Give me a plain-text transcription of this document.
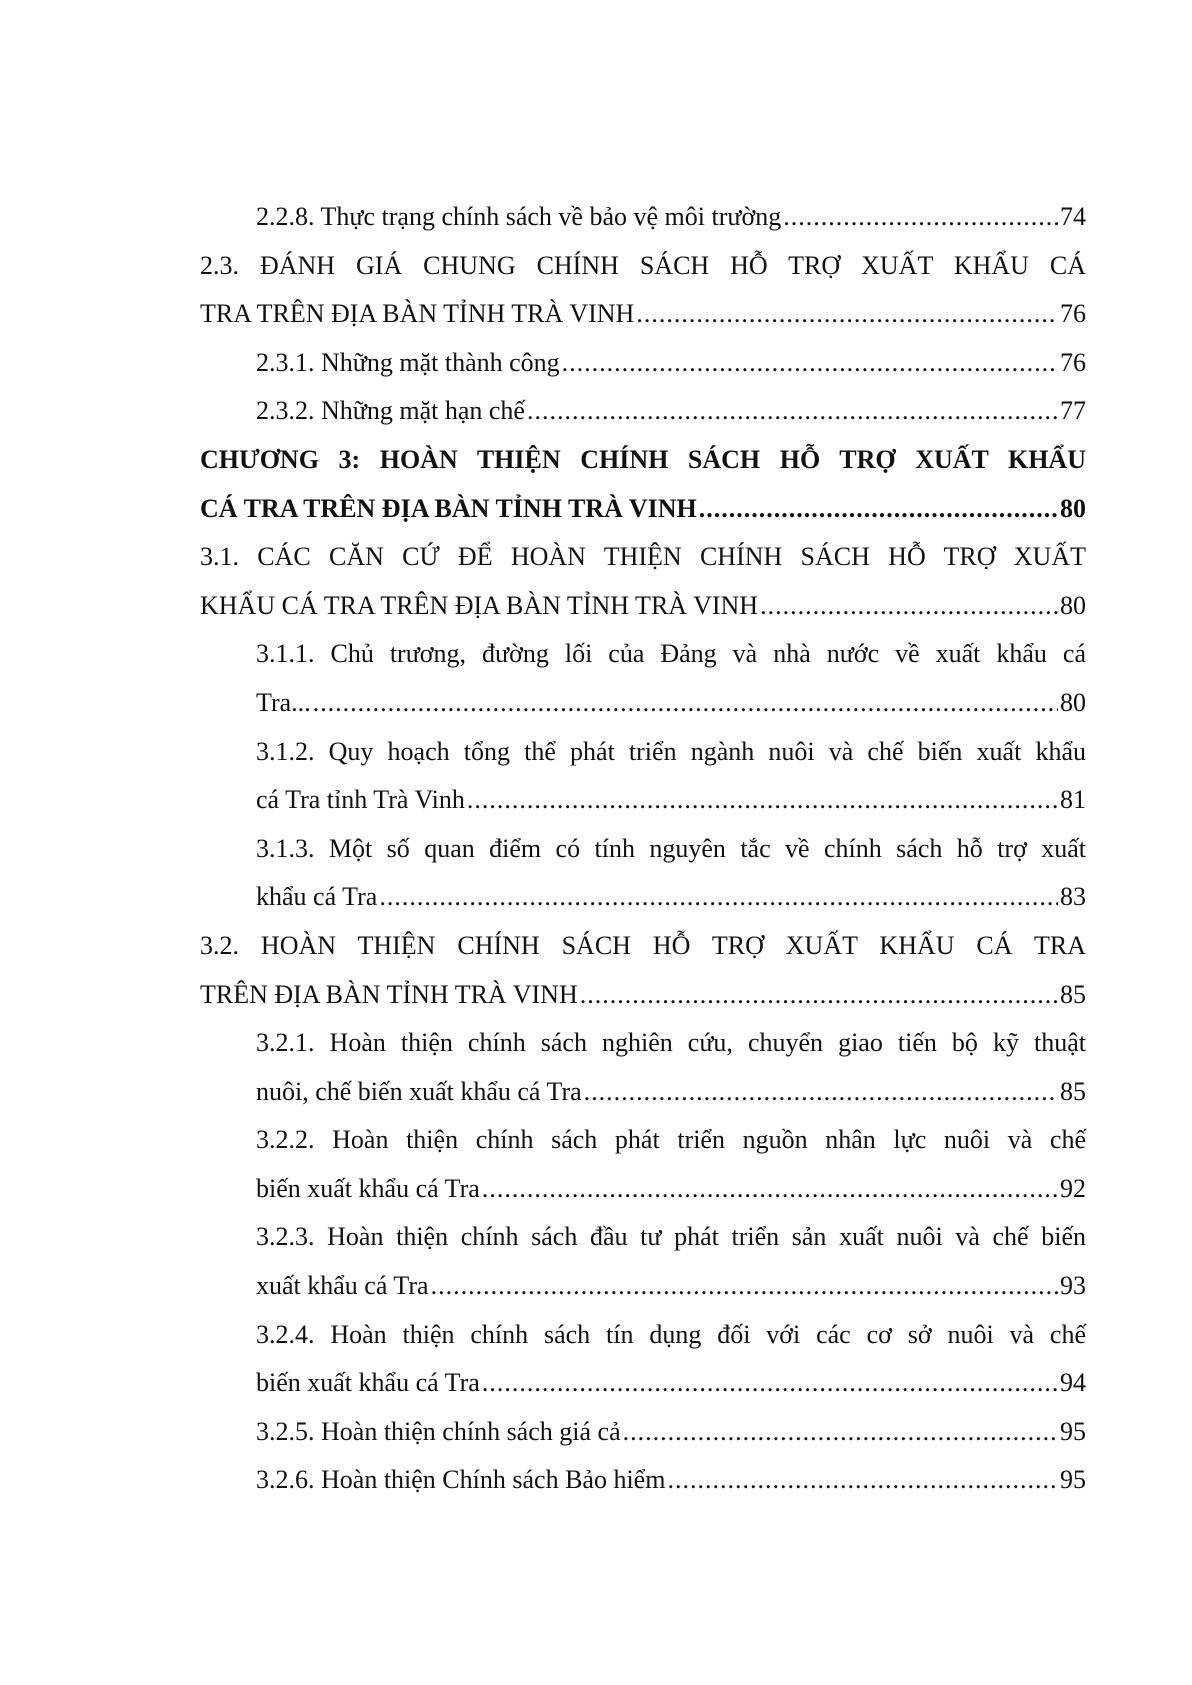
2.2.8. Thực trạng chính sách về bảo vệ môi trường .....	74
2.3. ĐÁNH GIÁ CHUNG CHÍNH SÁCH HỖ TRỢ XUẤT KHẨU CÁ
TRA TRÊN ĐỊA BÀN TỈNH TRÀ VINH .....	76
2.3.1. Những mặt thành công .....	76
2.3.2. Những mặt hạn chế .....	77
CHƯƠNG 3: HOÀN THIỆN CHÍNH SÁCH HỖ TRỢ XUẤT KHẨU
CÁ TRA TRÊN ĐỊA BÀN TỈNH TRÀ VINH .....	80
3.1. CÁC CĂN CỨ ĐỂ HOÀN THIỆN CHÍNH SÁCH HỖ TRỢ XUẤT
KHẨU CÁ TRA TRÊN ĐỊA BÀN TỈNH TRÀ VINH .....	80
3.1.1. Chủ trương, đường lối của Đảng và nhà nước về xuất khẩu cá
Tra... .....	80
3.1.2. Quy hoạch tổng thể phát triển ngành nuôi và chế biến xuất khẩu
cá Tra tỉnh Trà Vinh .....	81
3.1.3. Một số quan điểm có tính nguyên tắc về chính sách hỗ trợ xuất
khẩu cá Tra .....	83
3.2. HOÀN THIỆN CHÍNH SÁCH HỖ TRỢ XUẤT KHẨU CÁ TRA
TRÊN ĐỊA BÀN TỈNH TRÀ VINH .....	85
3.2.1. Hoàn thiện chính sách nghiên cứu, chuyển giao tiến bộ kỹ thuật
nuôi, chế biến xuất khẩu cá Tra .....	85
3.2.2. Hoàn thiện chính sách phát triển nguồn nhân lực nuôi và chế
biến xuất khẩu cá Tra .....	92
3.2.3. Hoàn thiện chính sách đầu tư phát triển sản xuất nuôi và chế biến
xuất khẩu cá Tra .....	93
3.2.4. Hoàn thiện chính sách tín dụng đối với các cơ sở nuôi và chế
biến xuất khẩu cá Tra .....	94
3.2.5. Hoàn thiện chính sách giá cả .....	95
3.2.6. Hoàn thiện Chính sách Bảo hiểm .....	95
